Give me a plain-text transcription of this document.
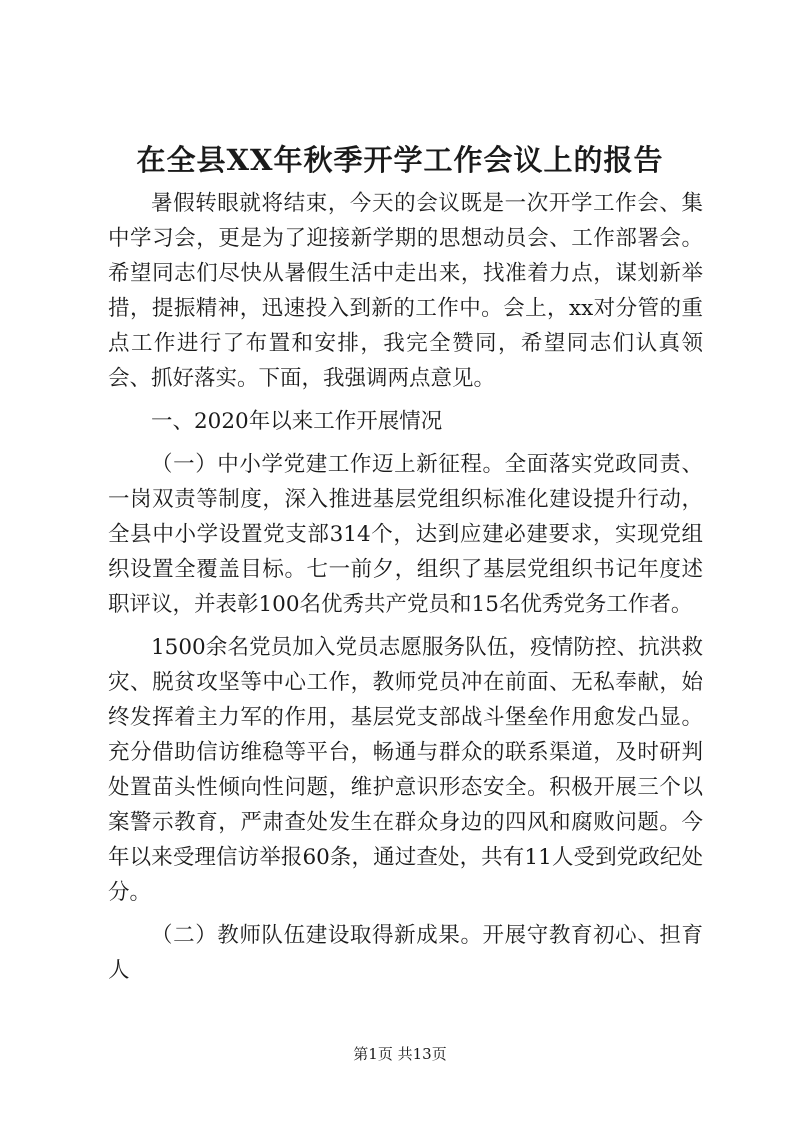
在全县XX年秋季开学工作会议上的报告

暑假转眼就将结束，今天的会议既是一次开学工作会、集中学习会，更是为了迎接新学期的思想动员会、工作部署会。希望同志们尽快从暑假生活中走出来，找准着力点，谋划新举措，提振精神，迅速投入到新的工作中。会上，xx对分管的重点工作进行了布置和安排，我完全赞同，希望同志们认真领会、抓好落实。下面，我强调两点意见。

一、2020年以来工作开展情况

（一）中小学党建工作迈上新征程。全面落实党政同责、一岗双责等制度，深入推进基层党组织标准化建设提升行动，全县中小学设置党支部314个，达到应建必建要求，实现党组织设置全覆盖目标。七一前夕，组织了基层党组织书记年度述职评议，并表彰100名优秀共产党员和15名优秀党务工作者。

1500余名党员加入党员志愿服务队伍，疫情防控、抗洪救灾、脱贫攻坚等中心工作，教师党员冲在前面、无私奉献，始终发挥着主力军的作用，基层党支部战斗堡垒作用愈发凸显。充分借助信访维稳等平台，畅通与群众的联系渠道，及时研判处置苗头性倾向性问题，维护意识形态安全。积极开展三个以案警示教育，严肃查处发生在群众身边的四风和腐败问题。今年以来受理信访举报60条，通过查处，共有11人受到党政纪处分。

（二）教师队伍建设取得新成果。开展守教育初心、担育人

第1页 共13页
